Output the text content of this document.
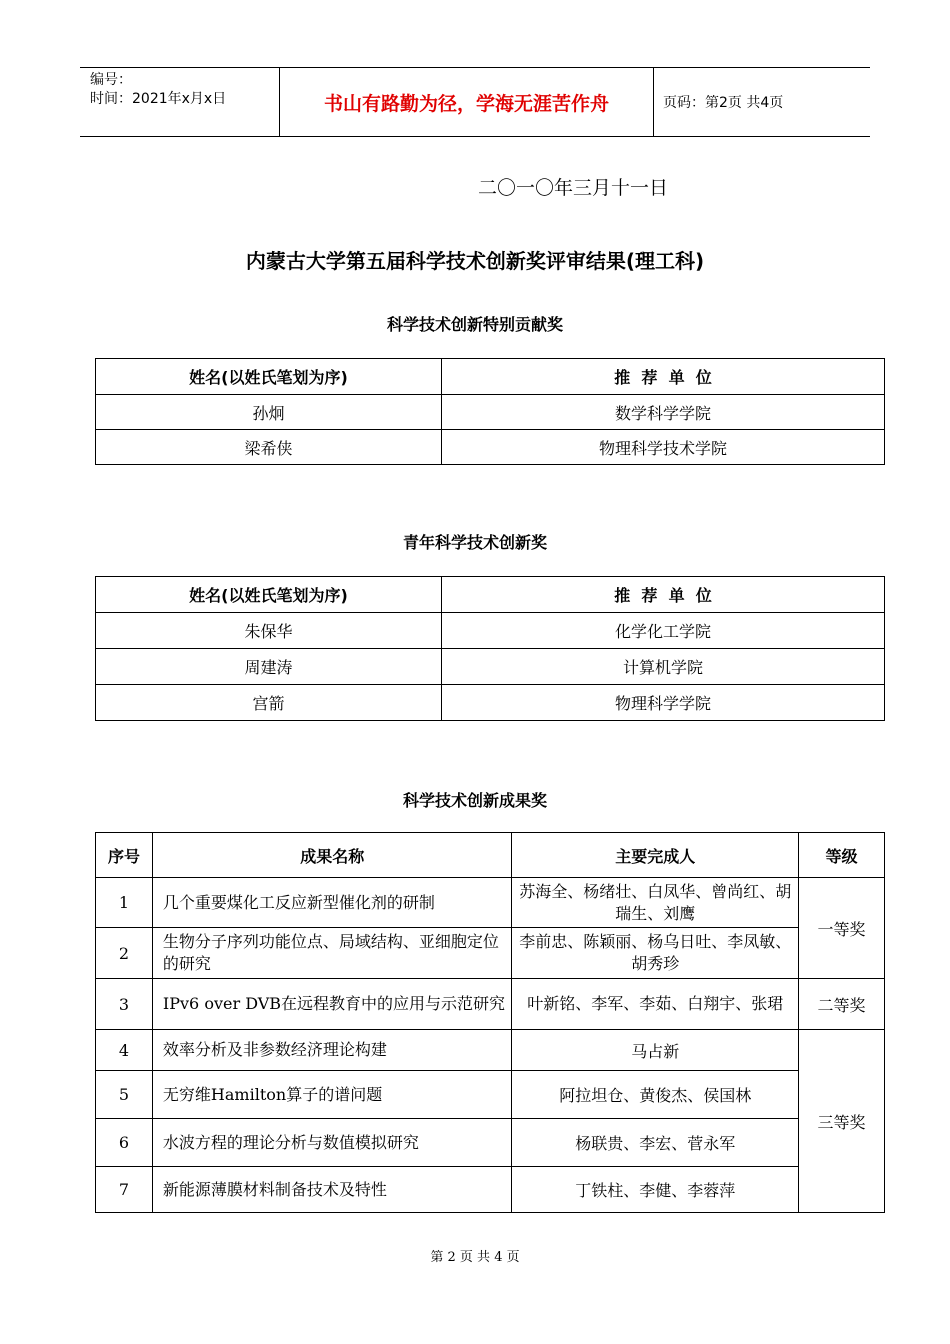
编号：
时间：2021年x月x日	书山有路勤为径，学海无涯苦作舟	页码：第2页 共4页
二〇一〇年三月十一日
内蒙古大学第五届科学技术创新奖评审结果(理工科)
科学技术创新特别贡献奖
姓名(以姓氏笔划为序)	推  荐  单  位
孙炯	数学科学学院
梁希侠	物理科学技术学院
青年科学技术创新奖
姓名(以姓氏笔划为序)	推  荐  单  位
朱保华	化学化工学院
周建涛	计算机学院
宫箭	物理科学学院
科学技术创新成果奖
序号	成果名称	主要完成人	等级
1	几个重要煤化工反应新型催化剂的研制	苏海全、杨绪壮、白凤华、曾尚红、胡瑞生、刘鹰	一等奖
2	生物分子序列功能位点、局域结构、亚细胞定位的研究	李前忠、陈颖丽、杨乌日吐、李凤敏、胡秀珍	
3	IPv6 over DVB在远程教育中的应用与示范研究	叶新铭、李军、李茹、白翔宇、张珺	二等奖
4	效率分析及非参数经济理论构建	马占新	三等奖
5	无穷维Hamilton算子的谱问题	阿拉坦仓、黄俊杰、侯国林	
6	水波方程的理论分析与数值模拟研究	杨联贵、李宏、菅永军	
7	新能源薄膜材料制备技术及特性	丁铁柱、李健、李蓉萍	
第 2 页 共 4 页
